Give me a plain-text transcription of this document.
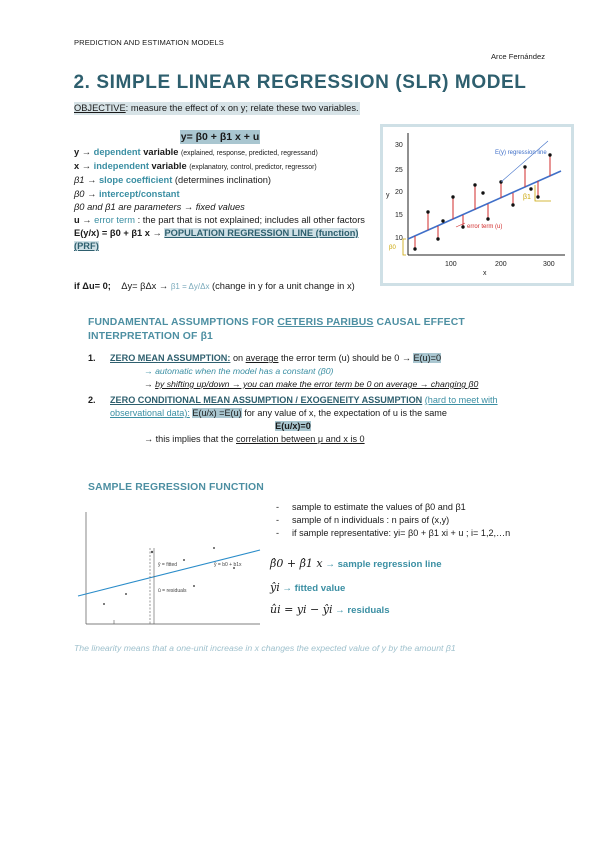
PREDICTION AND ESTIMATION MODELS
Arce Fernández
2. SIMPLE LINEAR REGRESSION (SLR) MODEL
OBJECTIVE: measure the effect of x on y; relate these two variables.
y= β0 + β1 x + u
y → dependent variable (explained, response, predicted, regressand)
x → independent variable (explanatory, control, predictor, regressor)
β1 → slope coefficient (determines inclination)
β0 → intercept/constant
β0 and β1 are parameters → fixed values
u → error term : the part that is not explained; includes all other factors
E(y/x) = β0 + β1 x → POPULATION REGRESSION LINE (function) (PRF)
if Δu= 0; Δy= βΔx → β1 = Δy/Δx (change in y for a unit change in x)
30
25
20
15
10
100	200	300
y
x
E(y) regression line
error term (u)
β1
β0
FUNDAMENTAL ASSUMPTIONS FOR CETERIS PARIBUS CAUSAL EFFECT
INTERPRETATION OF β1
1.	ZERO MEAN ASSUMPTION: on average the error term (u) should be 0 → E(u)=0
→ automatic when the model has a constant (β0)
→ by shifting up/down → you can make the error term be 0 on average → changing β0
2.	ZERO CONDITIONAL MEAN ASSUMPTION / EXOGENEITY ASSUMPTION (hard to meet with observational data): E(u/x) =E(u) for any value of x, the expectation of u is the same
E(u/x)=0
→ this implies that the correlation between μ and x is 0
SAMPLE REGRESSION FUNCTION
ŷ = fitted
û = residuals
ŷ = b0 + b1x
- sample to estimate the values of β0 and β1
- sample of n individuals : n pairs of (x,y)
- if sample representative: yi= β0 + β1 xi + u ; i= 1,2,…n
β̂0 + β̂1 x → sample regression line
ŷi → fitted value
ûi = yi − ŷi → residuals
The linearity means that a one-unit increase in x changes the expected value of y by the amount β1
